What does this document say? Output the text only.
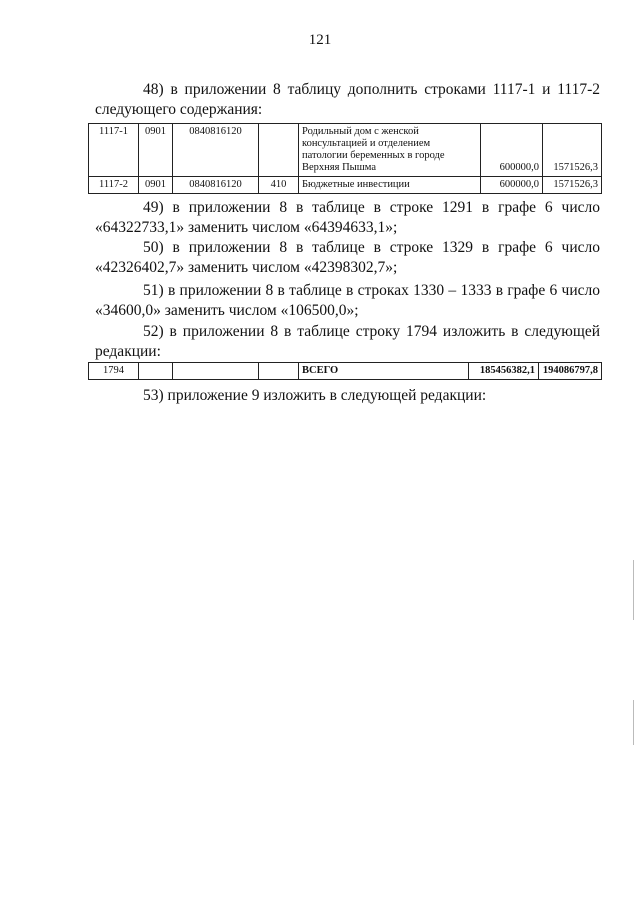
121
48) в приложении 8 таблицу дополнить строками 1117-1 и 1117-2 следующего содержания:
1117-1	0901	0840816120		Родильный дом с женской консультацией и отделением патологии беременных в городе Верхняя Пышма	600000,0	1571526,3
1117-2	0901	0840816120	410	Бюджетные инвестиции	600000,0	1571526,3
49) в приложении 8 в таблице в строке 1291 в графе 6 число «64322733,1» заменить числом «64394633,1»;
50) в приложении 8 в таблице в строке 1329 в графе 6 число «42326402,7» заменить числом «42398302,7»;
51) в приложении 8 в таблице в строках 1330 – 1333 в графе 6 число «34600,0» заменить числом «106500,0»;
52) в приложении 8 в таблице строку 1794 изложить в следующей редакции:
1794				ВСЕГО	185456382,1	194086797,8
53) приложение 9 изложить в следующей редакции:
